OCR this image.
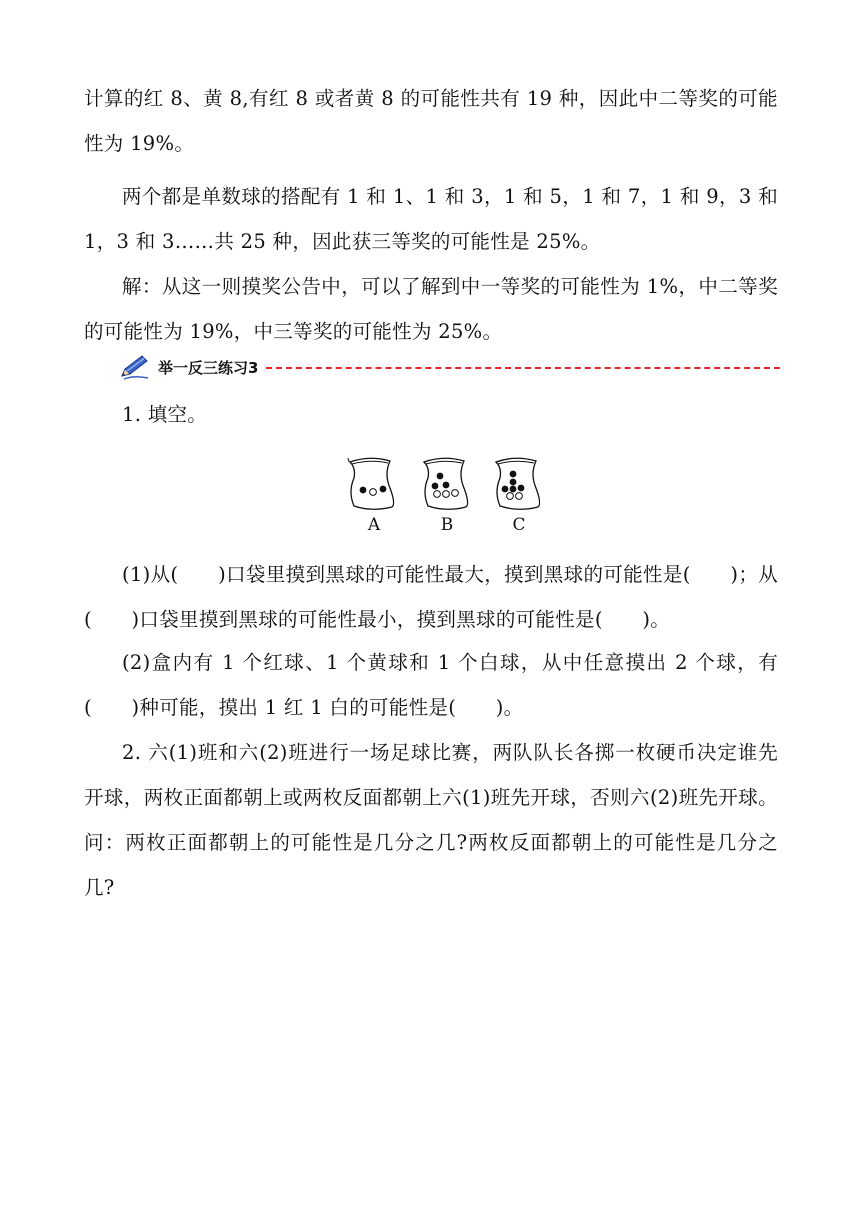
计算的红 8、黄 8,有红 8 或者黄 8 的可能性共有 19 种，因此中二等奖的可能性为 19%。

两个都是单数球的搭配有 1 和 1、1 和 3，1 和 5，1 和 7，1 和 9，3 和 1，3 和 3……共 25 种，因此获三等奖的可能性是 25%。

解：从这一则摸奖公告中，可以了解到中一等奖的可能性为 1%，中二等奖的可能性为 19%，中三等奖的可能性为 25%。

举一反三练习3

1. 填空。

A	B	C

(1)从(　　)口袋里摸到黑球的可能性最大，摸到黑球的可能性是(　　)；从(　　)口袋里摸到黑球的可能性最小，摸到黑球的可能性是(　　)。

(2)盒内有 1 个红球、1 个黄球和 1 个白球，从中任意摸出 2 个球，有(　　)种可能，摸出 1 红 1 白的可能性是(　　)。

2. 六(1)班和六(2)班进行一场足球比赛，两队队长各掷一枚硬币决定谁先开球，两枚正面都朝上或两枚反面都朝上六(1)班先开球，否则六(2)班先开球。问：两枚正面都朝上的可能性是几分之几?两枚反面都朝上的可能性是几分之几?
